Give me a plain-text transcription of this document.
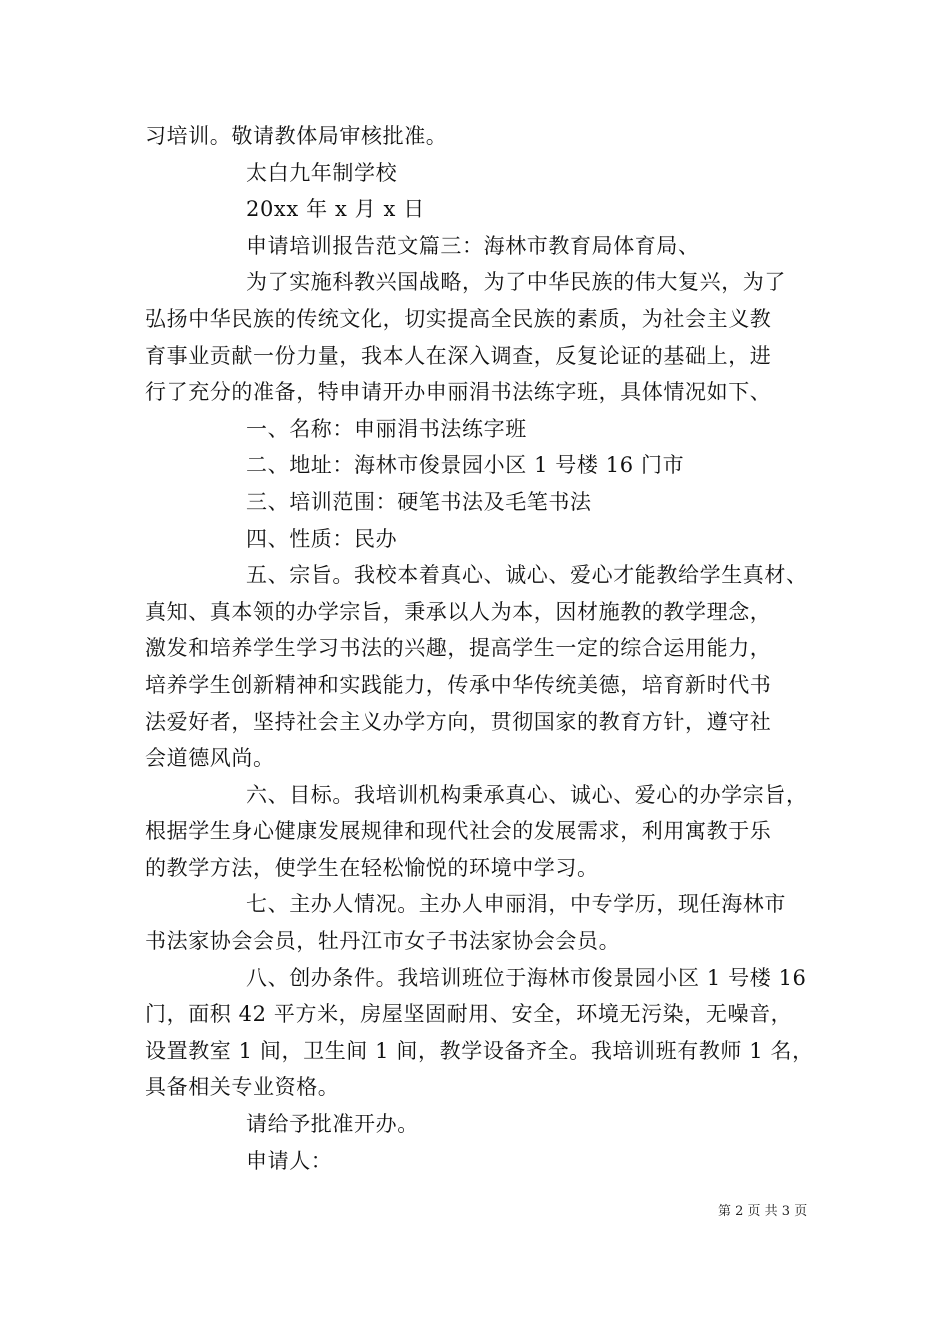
习培训。敬请教体局审核批准。

太白九年制学校

20xx 年 x 月 x 日

申请培训报告范文篇三：海林市教育局体育局、

为了实施科教兴国战略，为了中华民族的伟大复兴，为了

弘扬中华民族的传统文化，切实提高全民族的素质，为社会主义教

育事业贡献一份力量，我本人在深入调查，反复论证的基础上，进

行了充分的准备，特申请开办申丽涓书法练字班，具体情况如下、

一、名称：申丽涓书法练字班

二、地址：海林市俊景园小区 1 号楼 16 门市

三、培训范围：硬笔书法及毛笔书法

四、性质：民办

五、宗旨。我校本着真心、诚心、爱心才能教给学生真材、

真知、真本领的办学宗旨，秉承以人为本，因材施教的教学理念，

激发和培养学生学习书法的兴趣，提高学生一定的综合运用能力，

培养学生创新精神和实践能力，传承中华传统美德，培育新时代书

法爱好者，坚持社会主义办学方向，贯彻国家的教育方针，遵守社

会道德风尚。

六、目标。我培训机构秉承真心、诚心、爱心的办学宗旨，

根据学生身心健康发展规律和现代社会的发展需求，利用寓教于乐

的教学方法，使学生在轻松愉悦的环境中学习。

七、主办人情况。主办人申丽涓，中专学历，现任海林市

书法家协会会员，牡丹江市女子书法家协会会员。

八、创办条件。我培训班位于海林市俊景园小区 1 号楼 16

门，面积 42 平方米，房屋坚固耐用、安全，环境无污染，无噪音，

设置教室 1 间，卫生间 1 间，教学设备齐全。我培训班有教师 1 名，

具备相关专业资格。

请给予批准开办。

申请人：

第 2 页 共 3 页
